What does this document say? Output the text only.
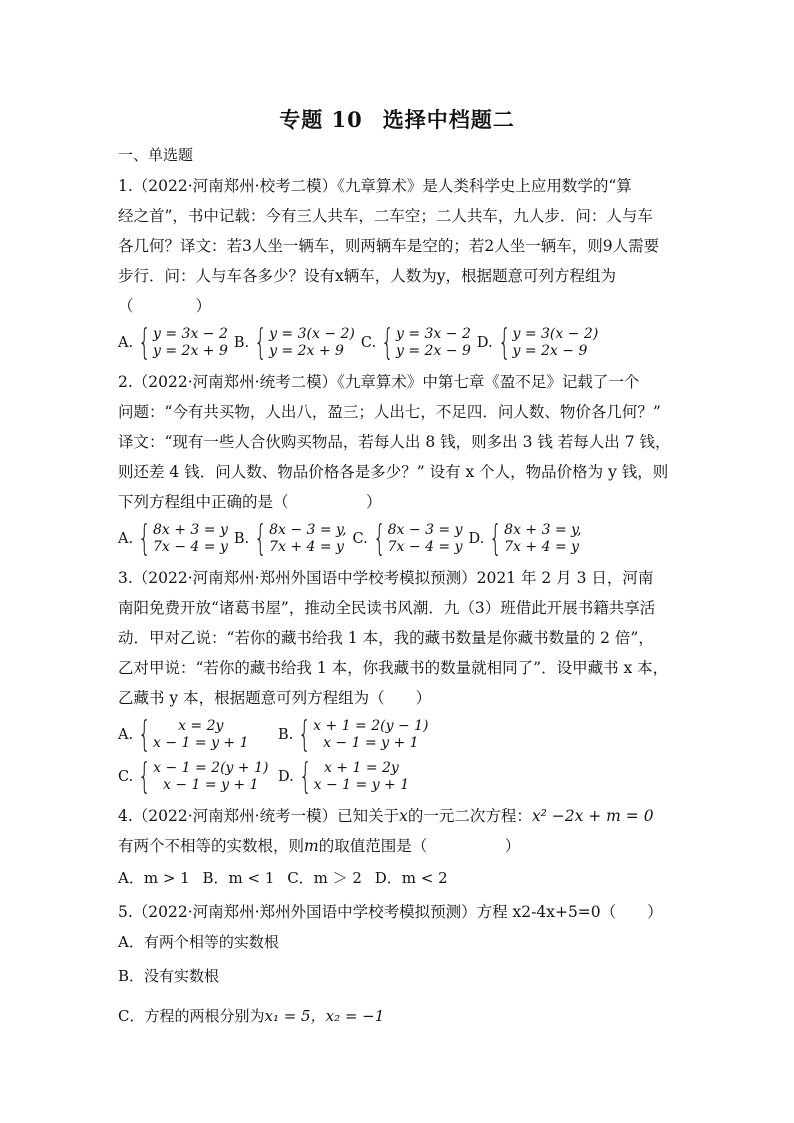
专题 10 选择中档题二
一、单选题

1.（2022·河南郑州·校考二模）《九章算术》是人类科学史上应用数学的“算

经之首”，书中记载：今有三人共车，二车空；二人共车，九人步．问：人与车

各几何？译文：若3人坐一辆车，则两辆车是空的；若2人坐一辆车，则9人需要

步行．问：人与车各多少？设有x辆车，人数为y，根据题意可列方程组为

（　　　　）

A. { y = 3x − 2
y = 2x + 9 B. { y = 3(x − 2)
y = 2x + 9	C. { y = 3x − 2
y = 2x − 9 D. { y = 3(x − 2)
y = 2x − 9

2.（2022·河南郑州·统考二模）《九章算术》中第七章《盈不足》记载了一个

问题：“今有共买物，人出八，盈三；人出七，不足四．问人数、物价各几何？”

译文：“现有一些人合伙购买物品，若每人出 8 钱，则多出 3 钱 若每人出 7 钱，

则还差 4 钱．问人数、物品价格各是多少？” 设有 x 个人，物品价格为 y 钱，则

下列方程组中正确的是（　　　　　）

A. { 8x + 3 = y
7x − 4 = y B. { 8x − 3 = y,
7x + 4 = y C. { 8x − 3 = y
7x − 4 = y D. { 8x + 3 = y,
7x + 4 = y

3.（2022·河南郑州·郑州外国语中学校考模拟预测）2021 年 2 月 3 日，河南

南阳免费开放“诸葛书屋”，推动全民读书风潮．九（3）班借此开展书籍共享活

动．甲对乙说：“若你的藏书给我 1 本，我的藏书数量是你藏书数量的 2 倍”，

乙对甲说：“若你的藏书给我 1 本，你我藏书的数量就相同了”．设甲藏书 x 本，

乙藏书 y 本，根据题意可列方程组为（　　）

A. { x = 2y
x − 1 = y + 1 B. { x + 1 = 2(y − 1)
x − 1 = y + 1
C. { x − 1 = 2(y + 1)
x − 1 = y + 1 D. { x + 1 = 2y
x − 1 = y + 1

4.（2022·河南郑州·统考一模）已知关于x的一元二次方程：x² −2x + m = 0

有两个不相等的实数根，则m的取值范围是（　　　　　）

A．m > 1 B．m < 1 C．m ＞ 2 D．m < 2

5.（2022·河南郑州·郑州外国语中学校考模拟预测）方程 x2-4x+5=0（　　）

A．有两个相等的实数根

B．没有实数根

C．方程的两根分别为x₁ = 5，x₂ = −1
